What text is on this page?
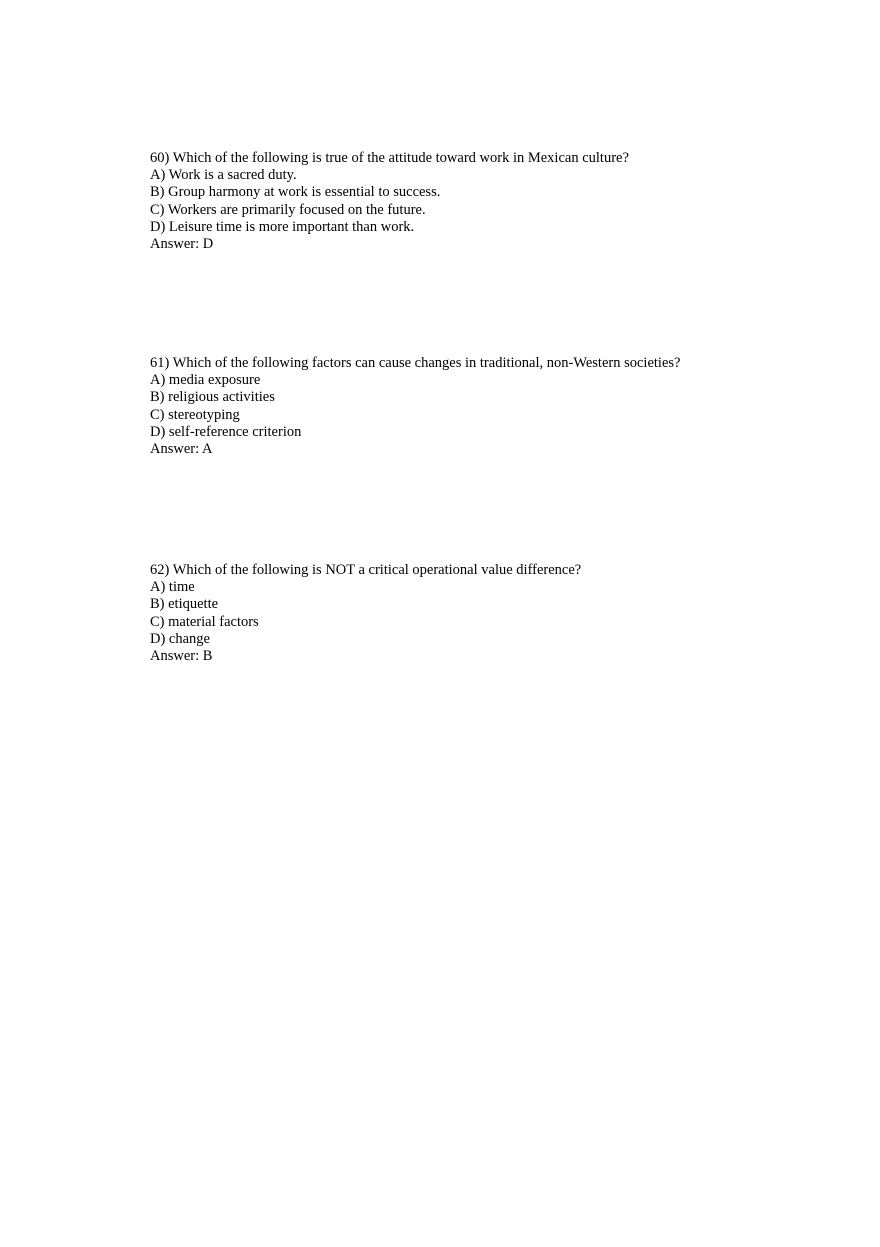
60) Which of the following is true of the attitude toward work in Mexican culture?
A) Work is a sacred duty.
B) Group harmony at work is essential to success.
C) Workers are primarily focused on the future.
D) Leisure time is more important than work.
Answer: D
61) Which of the following factors can cause changes in traditional, non-Western societies?
A) media exposure
B) religious activities
C) stereotyping
D) self-reference criterion
Answer: A
62) Which of the following is NOT a critical operational value difference?
A) time
B) etiquette
C) material factors
D) change
Answer: B
